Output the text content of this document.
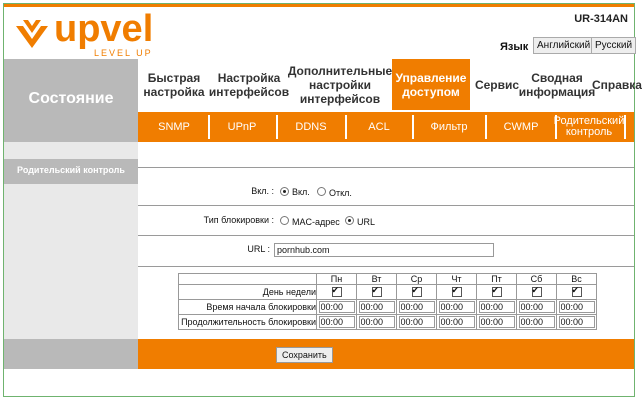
upvel
LEVEL UP
UR-314AN
Язык Английский Русский
Состояние
Быстрая настройка
Настройка интерфейсов
Дополнительные настройки интерфейсов
Управление доступом	Сервис	Сводная информация
Справка
SNMP	UPnP	DDNS	ACL	Фильтр	CWMP	Родительский контроль
Родительский контроль
Вкл. : Вкл. Откл.
Тип блокировки : MAC-адрес URL
URL :
pornhub.com
	Пн	Вт	Ср	Чт	Пт	Сб	Вс
День недели	✔	✔	✔	✔	✔	✔	✔
Время начала блокировки	00:00	00:00	00:00	00:00	00:00	00:00	00:00
Продолжительность блокировки	00:00	00:00	00:00	00:00	00:00	00:00	00:00
Сохранить
